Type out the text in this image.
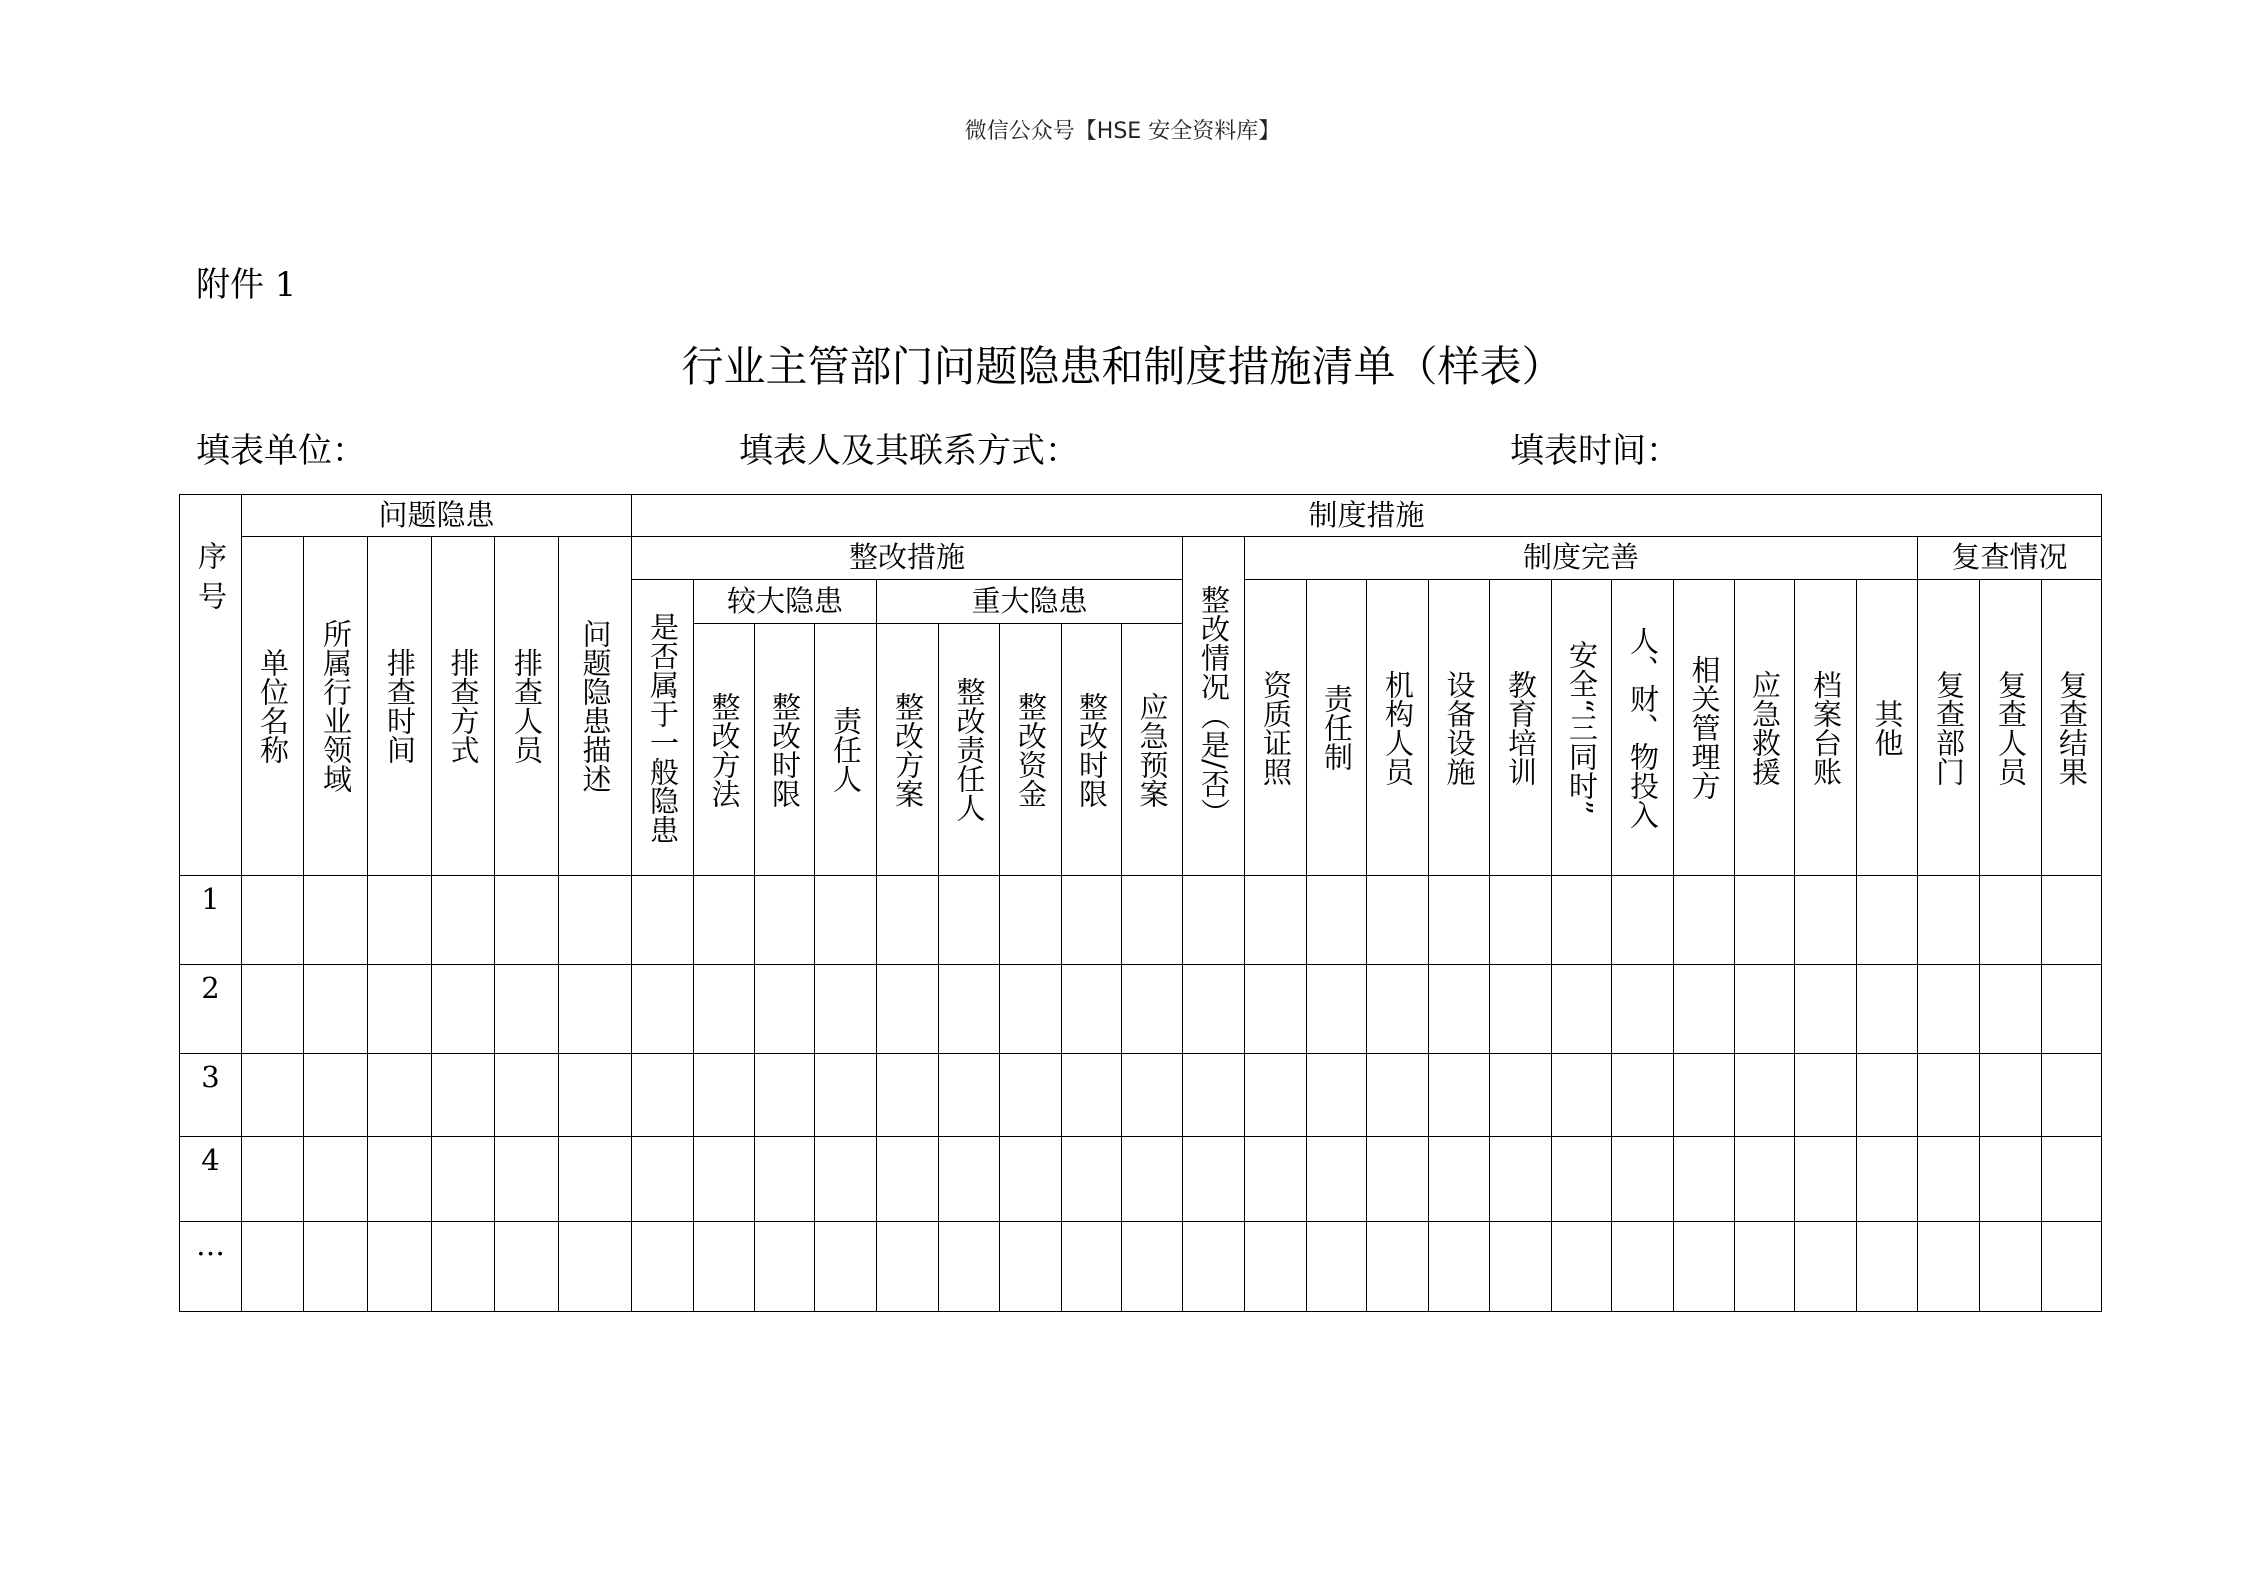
微信公众号【HSE 安全资料库】
附件 1
行业主管部门问题隐患和制度措施清单（样表）
填表单位：	填表人及其联系方式：	填表时间：
序号	问题隐患						制度措施																							
	单位名称	所属行业领域	排查时间	排查方式	排查人员	问题隐患描述	整改措施									整改情况（是/否）	制度完善											复查情况		
							是否属于一般隐患	较大隐患			重大隐患						资质证照	责任制	机构人员	设备设施	教育培训	安全“三同时”	人、财、物投入	相关管理方	应急救援	档案台账	其他	复查部门	复查人员	复查结果
								整改方法	整改时限	责任人	整改方案	整改责任人	整改资金	整改时限	应急预案															
1																														
2																														
3																														
4																														
…																														
